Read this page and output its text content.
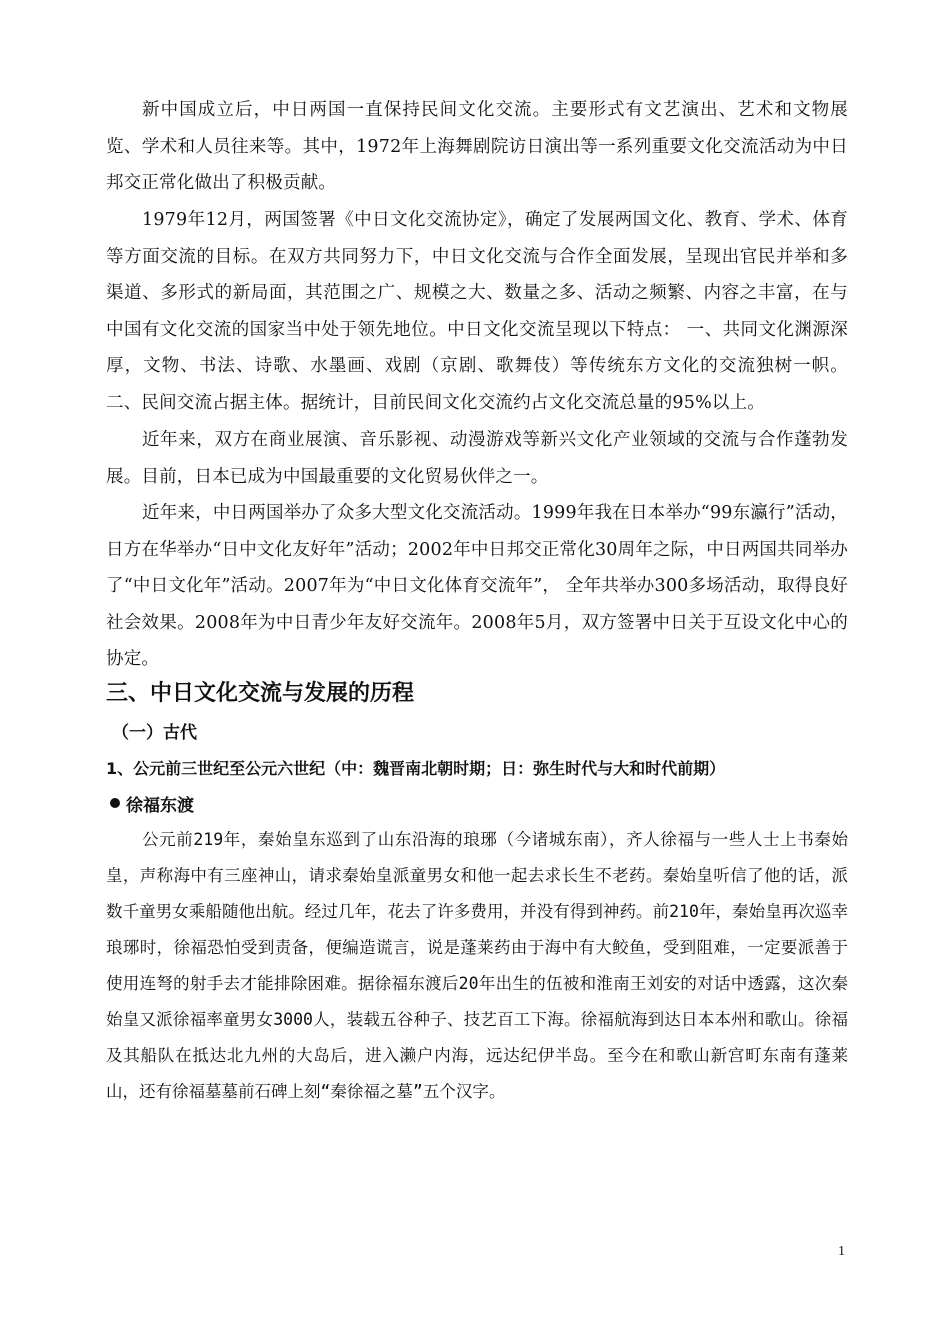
新中国成立后，中日两国一直保持民间文化交流。主要形式有文艺演出、艺术和文物展览、学术和人员往来等。其中，1972年上海舞剧院访日演出等一系列重要文化交流活动为中日邦交正常化做出了积极贡献。

1979年12月，两国签署《中日文化交流协定》，确定了发展两国文化、教育、学术、体育等方面交流的目标。在双方共同努力下，中日文化交流与合作全面发展，呈现出官民并举和多渠道、多形式的新局面，其范围之广、规模之大、数量之多、活动之频繁、内容之丰富，在与中国有文化交流的国家当中处于领先地位。中日文化交流呈现以下特点： 一、共同文化渊源深厚，文物、书法、诗歌、水墨画、戏剧（京剧、歌舞伎）等传统东方文化的交流独树一帜。 二、民间交流占据主体。据统计，目前民间文化交流约占文化交流总量的95%以上。

近年来，双方在商业展演、音乐影视、动漫游戏等新兴文化产业领域的交流与合作蓬勃发展。目前，日本已成为中国最重要的文化贸易伙伴之一。

近年来，中日两国举办了众多大型文化交流活动。1999年我在日本举办“99东瀛行”活动，日方在华举办“日中文化友好年”活动；2002年中日邦交正常化30周年之际，中日两国共同举办了“中日文化年”活动。2007年为“中日文化体育交流年”， 全年共举办300多场活动，取得良好社会效果。2008年为中日青少年友好交流年。2008年5月，双方签署中日关于互设文化中心的协定。

三、中日文化交流与发展的历程
（一）古代
1、公元前三世纪至公元六世纪（中：魏晋南北朝时期；日：弥生时代与大和时代前期）
徐福东渡

公元前219年，秦始皇东巡到了山东沿海的琅琊（今诸城东南），齐人徐福与一些人士上书秦始皇，声称海中有三座神山，请求秦始皇派童男女和他一起去求长生不老药。秦始皇听信了他的话，派数千童男女乘船随他出航。经过几年，花去了许多费用，并没有得到神药。前210年，秦始皇再次巡幸琅琊时，徐福恐怕受到责备，便编造谎言，说是蓬莱药由于海中有大鲛鱼，受到阻难，一定要派善于使用连弩的射手去才能排除困难。据徐福东渡后20年出生的伍被和淮南王刘安的对话中透露，这次秦始皇又派徐福率童男女3000人，装载五谷种子、技艺百工下海。徐福航海到达日本本州和歌山。徐福及其船队在抵达北九州的大岛后，进入濑户内海，远达纪伊半岛。至今在和歌山新宫町东南有蓬莱山，还有徐福墓墓前石碑上刻“秦徐福之墓”五个汉字。

1
